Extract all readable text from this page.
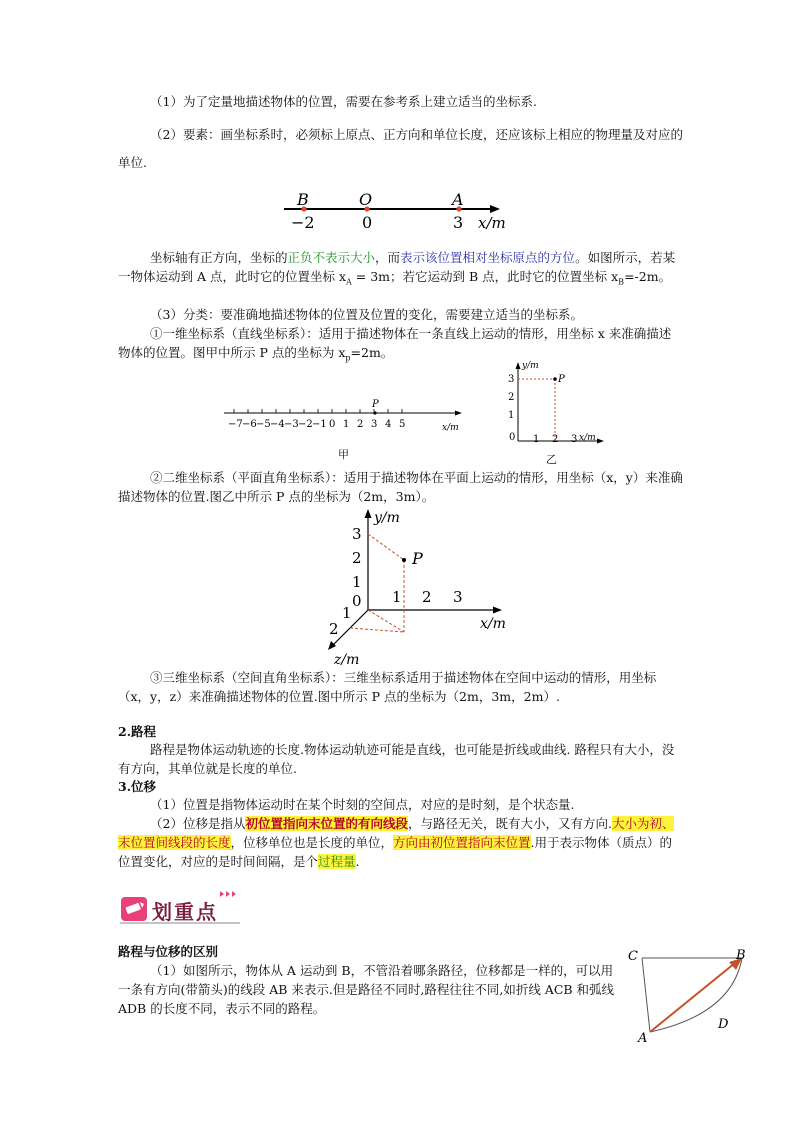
（1）为了定量地描述物体的位置，需要在参考系上建立适当的坐标系.

（2）要素：画坐标系时，必须标上原点、正方向和单位长度，还应该标上相应的物理量及对应的单位.

B	O	A
−2	0	3 x/m

坐标轴有正方向，坐标的正负不表示大小，而表示该位置相对坐标原点的方位。如图所示，若某一物体运动到 A 点，此时它的位置坐标 $x_A = 3m$；若它运动到 B 点，此时它的位置坐标 $x_B=-2m$。

（3）分类：要准确地描述物体的位置及位置的变化，需要建立适当的坐标系。

①一维坐标系（直线坐标系）：适用于描述物体在一条直线上运动的情形，用坐标 x 来准确描述物体的位置。图甲中所示 P 点的坐标为 $x_p=2m$。

−7 −6 −5 −4 −3 −2 −1 0 1 2 3 4 5
P
x/m
甲
P
y/m
x/m
3
2
1
0 1 2 3
乙

②二维坐标系（平面直角坐标系）：适用于描述物体在平面上运动的情形，用坐标（x，y）来准确描述物体的位置.图乙中所示 P 点的坐标为（2m，3m）。

P
y/m
x/m
z/m
3
2
1
0 1 2 3
1
2

③三维坐标系（空间直角坐标系）：三维坐标系适用于描述物体在空间中运动的情形，用坐标（x，y，z）来准确描述物体的位置.图中所示 P 点的坐标为（2m，3m，2m）.

2.路程

路程是物体运动轨迹的长度.物体运动轨迹可能是直线，也可能是折线或曲线. 路程只有大小，没有方向，其单位就是长度的单位.

3.位移

（1）位置是指物体运动时在某个时刻的空间点，对应的是时刻，是个状态量.

（2）位移是指从初位置指向末位置的有向线段，与路径无关，既有大小，又有方向.大小为初、末位置间线段的长度，位移单位也是长度的单位，方向由初位置指向末位置.用于表示物体（质点）的位置变化，对应的是时间间隔，是个过程量.

划重点

路程与位移的区别

（1）如图所示，物体从 A 运动到 B，不管沿着哪条路径，位移都是一样的，可以用一条有方向(带箭头)的线段 AB 来表示.但是路径不同时,路程往往不同,如折线 ACB 和弧线 ADB 的长度不同，表示不同的路程。

C	B
A
D
